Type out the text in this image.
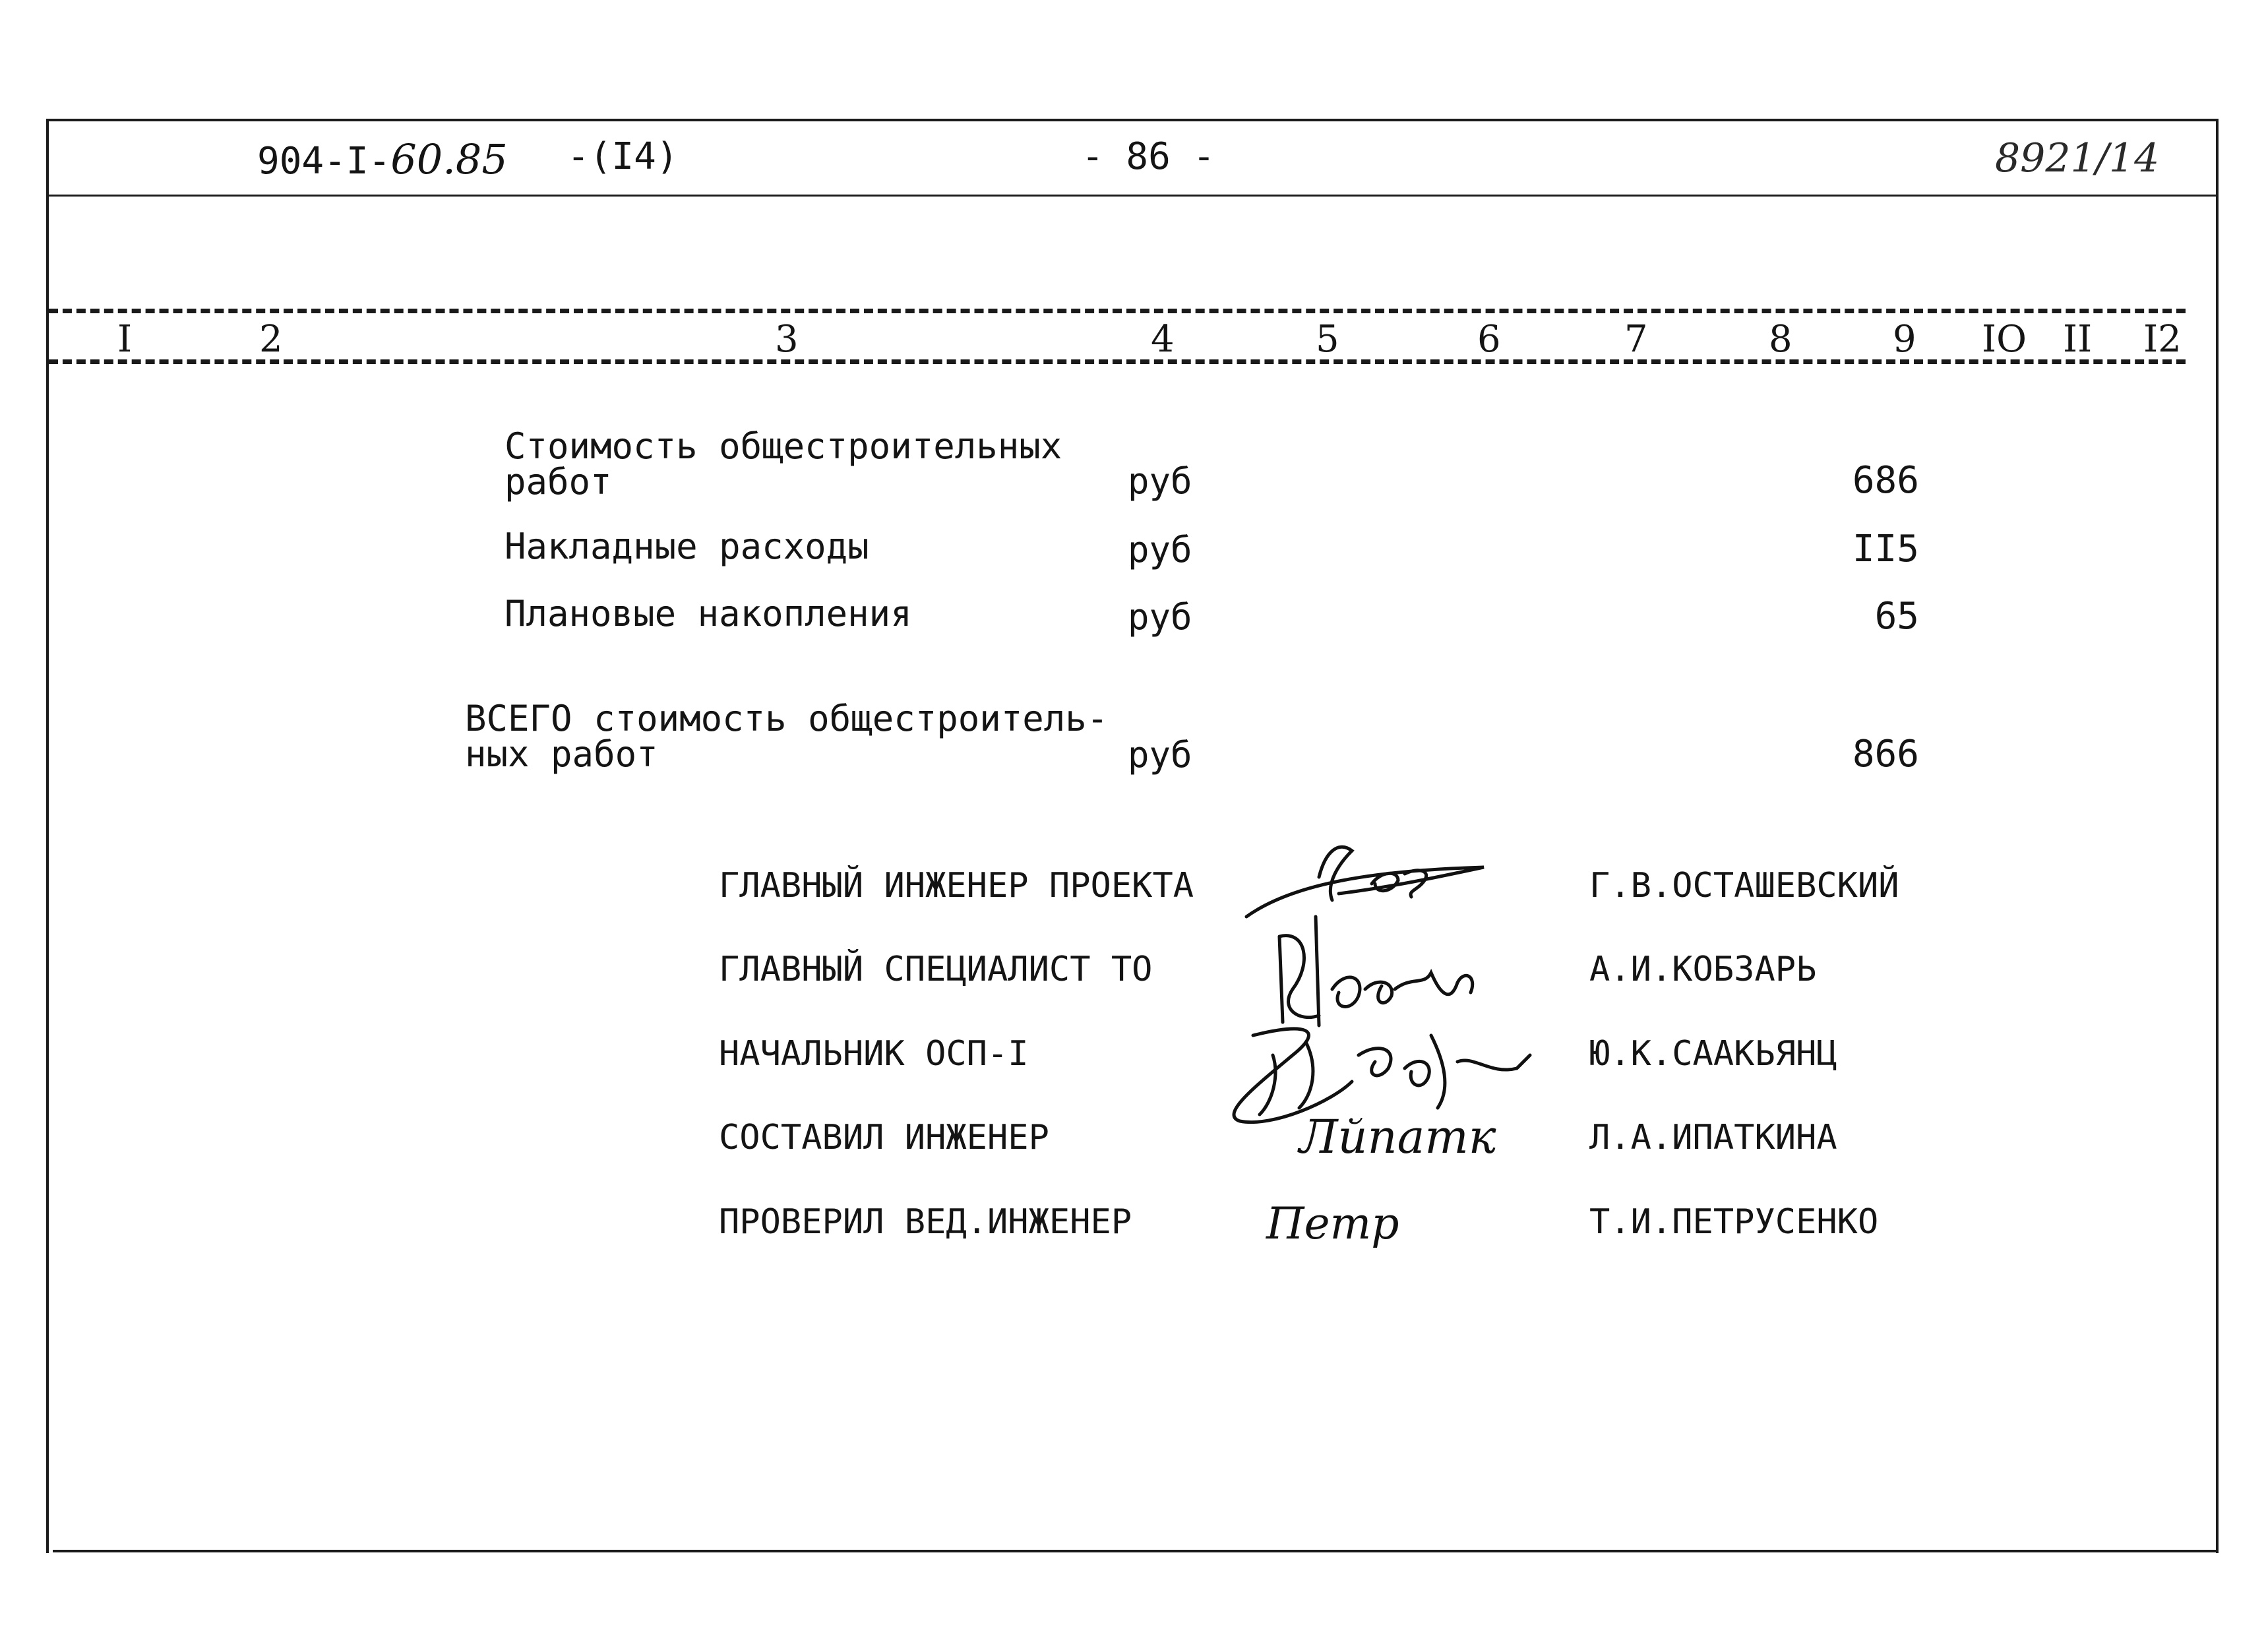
904-I-60.85 -(I4)	- 86 -	8921/14
I	2	3	4	5	6	7	8	9 IO II I2
Стоимость общестроительных
работ	руб	686
Накладные расходы	руб	II5
Плановые накопления	руб	65
ВСЕГО стоимость общестроитель-
ных работ	руб	866
ГЛАВНЫЙ ИНЖЕНЕР ПРОЕКТА	Г.В.ОСТАШЕВСКИЙ
ГЛАВНЫЙ СПЕЦИАЛИСТ ТО	А.И.КОБЗАРЬ
НАЧАЛЬНИК ОСП-I	Ю.К.СААКЬЯНЦ
СОСТАВИЛ ИНЖЕНЕР	Л.А.ИПАТКИНА
ПРОВЕРИЛ ВЕД.ИНЖЕНЕР	Т.И.ПЕТРУСЕНКО
Лйпатк
Петр
